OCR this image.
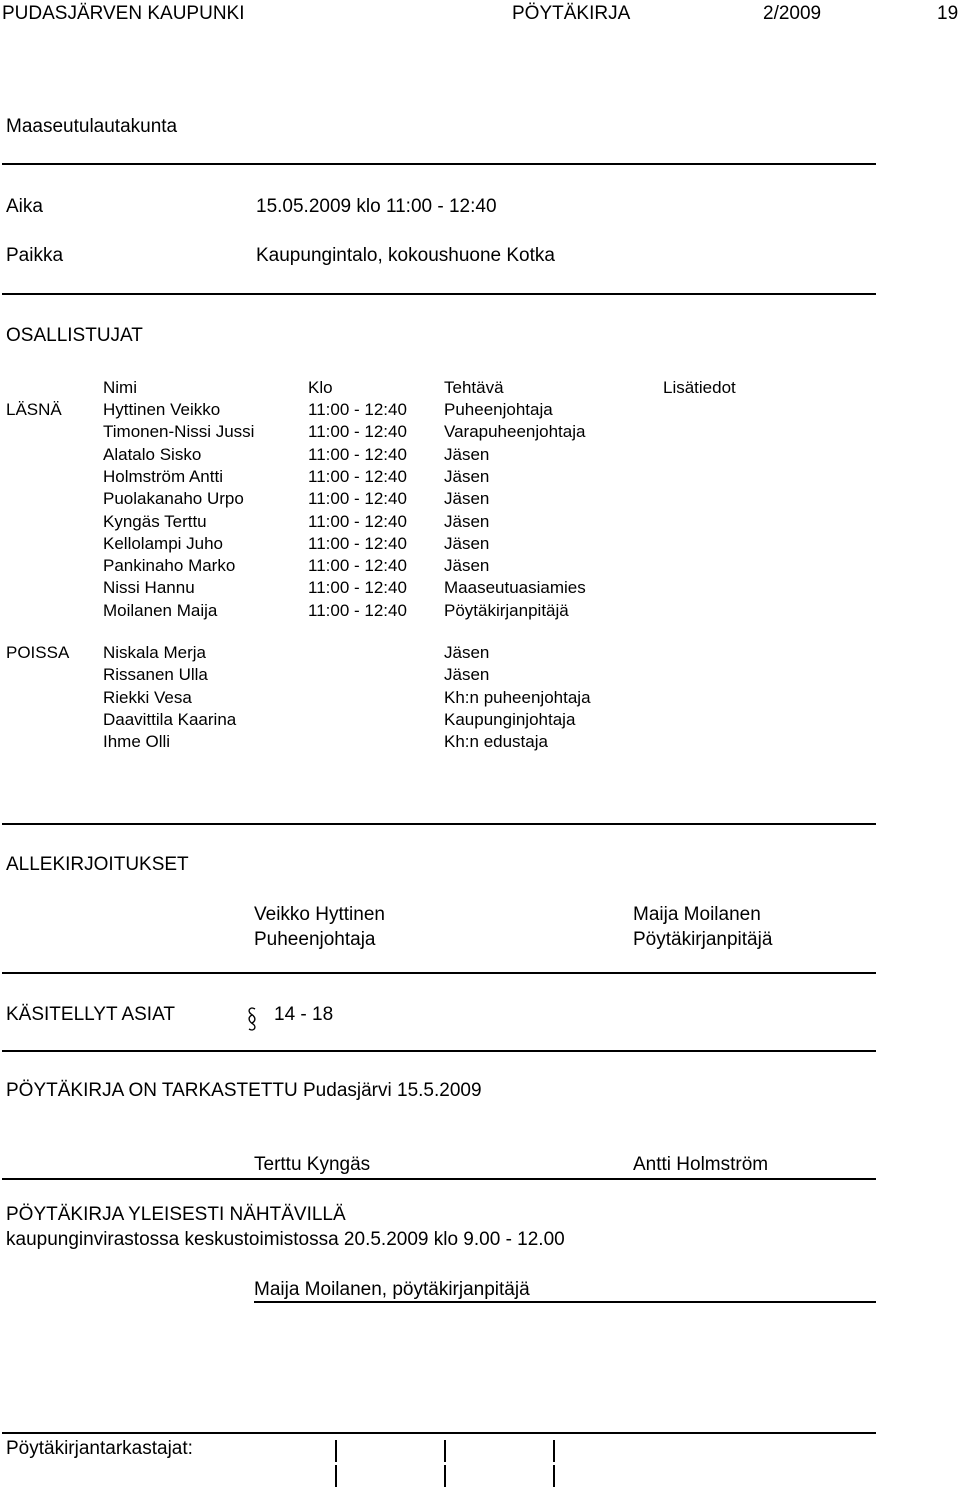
PUDASJÄRVEN KAUPUNKI	PÖYTÄKIRJA	2/2009	19
Maaseutulautakunta
Aika	15.05.2009 klo 11:00 - 12:40
Paikka	Kaupungintalo, kokoushuone Kotka
OSALLISTUJAT
Nimi	Klo	Tehtävä	Lisätiedot
LÄSNÄ Hyttinen Veikko	11:00 - 12:40 Puheenjohtaja
Timonen-Nissi Jussi	11:00 - 12:40 Varapuheenjohtaja
Alatalo Sisko	11:00 - 12:40 Jäsen
Holmström Antti	11:00 - 12:40 Jäsen
Puolakanaho Urpo	11:00 - 12:40 Jäsen
Kyngäs Terttu	11:00 - 12:40 Jäsen
Kellolampi Juho	11:00 - 12:40 Jäsen
Pankinaho Marko	11:00 - 12:40 Jäsen
Nissi Hannu	11:00 - 12:40 Maaseutuasiamies
Moilanen Maija	11:00 - 12:40 Pöytäkirjanpitäjä
POISSA Niskala Merja	Jäsen
Rissanen Ulla	Jäsen
Riekki Vesa	Kh:n puheenjohtaja
Daavittila Kaarina	Kaupunginjohtaja
Ihme Olli	Kh:n edustaja
ALLEKIRJOITUKSET
Veikko Hyttinen
Puheenjohtaja
Maija Moilanen
Pöytäkirjanpitäjä
KÄSITELLYT ASIAT	14 - 18
PÖYTÄKIRJA ON TARKASTETTU Pudasjärvi 15.5.2009
Terttu Kyngäs	Antti Holmström
PÖYTÄKIRJA YLEISESTI NÄHTÄVILLÄ
kaupunginvirastossa keskustoimistossa 20.5.2009 klo 9.00 - 12.00
Maija Moilanen, pöytäkirjanpitäjä
Pöytäkirjantarkastajat:
